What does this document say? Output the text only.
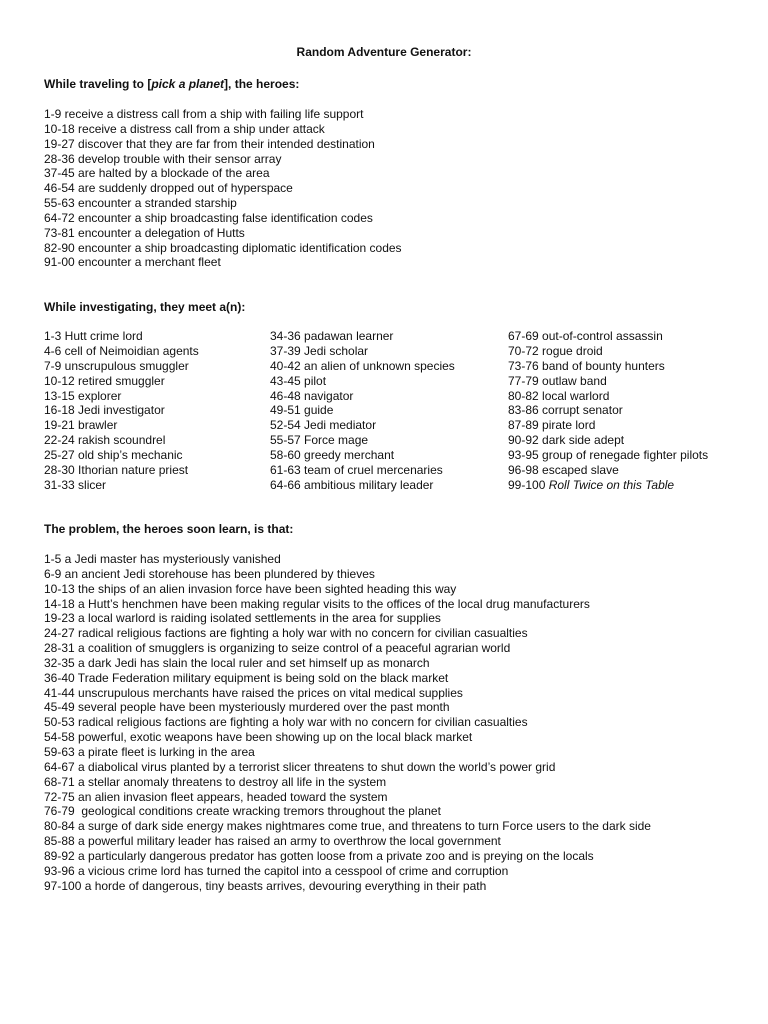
Random Adventure Generator:
While traveling to [pick a planet], the heroes:
1-9 receive a distress call from a ship with failing life support
10-18 receive a distress call from a ship under attack
19-27 discover that they are far from their intended destination
28-36 develop trouble with their sensor array
37-45 are halted by a blockade of the area
46-54 are suddenly dropped out of hyperspace
55-63 encounter a stranded starship
64-72 encounter a ship broadcasting false identification codes
73-81 encounter a delegation of Hutts
82-90 encounter a ship broadcasting diplomatic identification codes
91-00 encounter a merchant fleet
While investigating, they meet a(n):
1-3 Hutt crime lord
4-6 cell of Neimoidian agents
7-9 unscrupulous smuggler
10-12 retired smuggler
13-15 explorer
16-18 Jedi investigator
19-21 brawler
22-24 rakish scoundrel
25-27 old ship’s mechanic
28-30 Ithorian nature priest
31-33 slicer
34-36 padawan learner
37-39 Jedi scholar
40-42 an alien of unknown species
43-45 pilot
46-48 navigator
49-51 guide
52-54 Jedi mediator
55-57 Force mage
58-60 greedy merchant
61-63 team of cruel mercenaries
64-66 ambitious military leader
67-69 out-of-control assassin
70-72 rogue droid
73-76 band of bounty hunters
77-79 outlaw band
80-82 local warlord
83-86 corrupt senator
87-89 pirate lord
90-92 dark side adept
93-95 group of renegade fighter pilots
96-98 escaped slave
99-100 Roll Twice on this Table
The problem, the heroes soon learn, is that:
1-5 a Jedi master has mysteriously vanished
6-9 an ancient Jedi storehouse has been plundered by thieves
10-13 the ships of an alien invasion force have been sighted heading this way
14-18 a Hutt’s henchmen have been making regular visits to the offices of the local drug manufacturers
19-23 a local warlord is raiding isolated settlements in the area for supplies
24-27 radical religious factions are fighting a holy war with no concern for civilian casualties
28-31 a coalition of smugglers is organizing to seize control of a peaceful agrarian world
32-35 a dark Jedi has slain the local ruler and set himself up as monarch
36-40 Trade Federation military equipment is being sold on the black market
41-44 unscrupulous merchants have raised the prices on vital medical supplies
45-49 several people have been mysteriously murdered over the past month
50-53 radical religious factions are fighting a holy war with no concern for civilian casualties
54-58 powerful, exotic weapons have been showing up on the local black market
59-63 a pirate fleet is lurking in the area
64-67 a diabolical virus planted by a terrorist slicer threatens to shut down the world’s power grid
68-71 a stellar anomaly threatens to destroy all life in the system
72-75 an alien invasion fleet appears, headed toward the system
76-79  geological conditions create wracking tremors throughout the planet
80-84 a surge of dark side energy makes nightmares come true, and threatens to turn Force users to the dark side
85-88 a powerful military leader has raised an army to overthrow the local government
89-92 a particularly dangerous predator has gotten loose from a private zoo and is preying on the locals
93-96 a vicious crime lord has turned the capitol into a cesspool of crime and corruption
97-100 a horde of dangerous, tiny beasts arrives, devouring everything in their path
